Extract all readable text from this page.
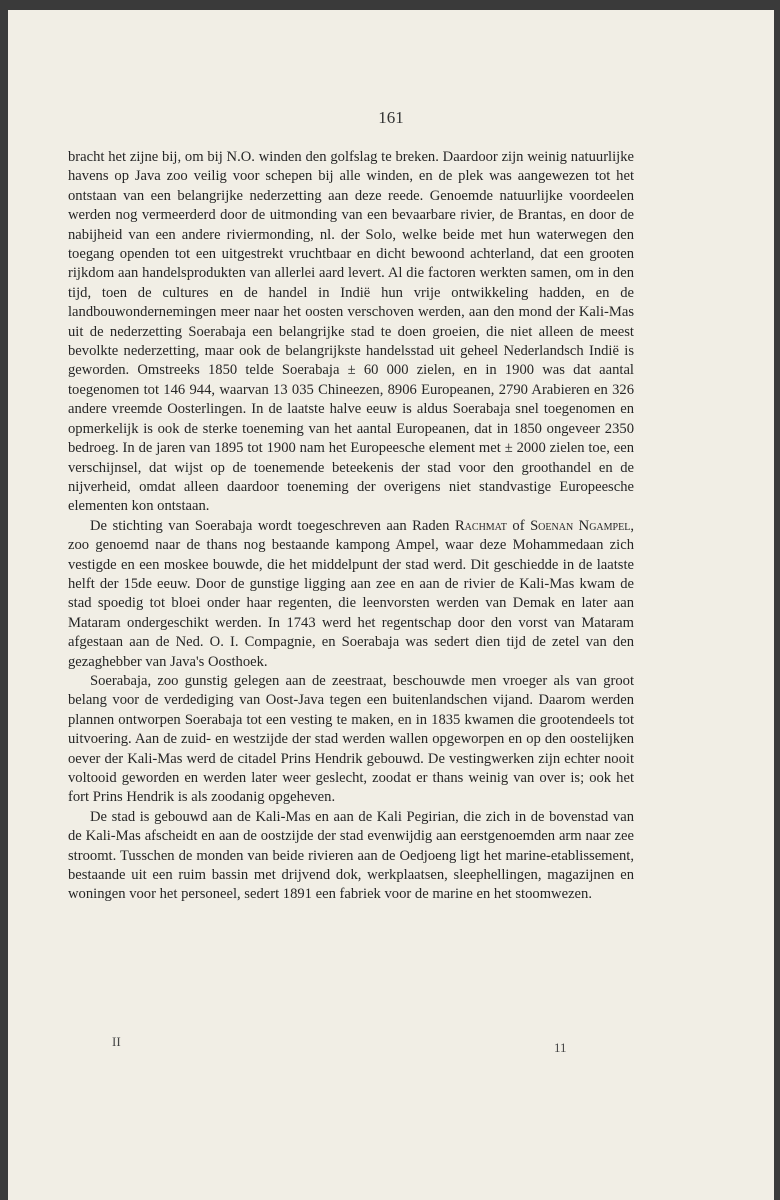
161

bracht het zijne bij, om bij N.O. winden den golfslag te breken. Daardoor zijn weinig natuurlijke havens op Java zoo veilig voor schepen bij alle winden, en de plek was aangewezen tot het ontstaan van een belangrijke nederzetting aan deze reede. Genoemde natuurlijke voordeelen werden nog vermeerderd door de uitmonding van een bevaarbare rivier, de Brantas, en door de nabijheid van een andere riviermonding, nl. der Solo, welke beide met hun waterwegen den toegang openden tot een uitgestrekt vruchtbaar en dicht bewoond achterland, dat een grooten rijkdom aan handelsprodukten van allerlei aard levert. Al die factoren werkten samen, om in den tijd, toen de cultures en de handel in Indië hun vrije ontwikkeling hadden, en de landbouwondernemingen meer naar het oosten verschoven werden, aan den mond der Kali-Mas uit de nederzetting Soerabaja een belangrijke stad te doen groeien, die niet alleen de meest bevolkte nederzetting, maar ook de belangrijkste handelsstad uit geheel Nederlandsch Indië is geworden. Omstreeks 1850 telde Soerabaja ± 60 000 zielen, en in 1900 was dat aantal toegenomen tot 146 944, waarvan 13 035 Chineezen, 8906 Europeanen, 2790 Arabieren en 326 andere vreemde Oosterlingen. In de laatste halve eeuw is aldus Soerabaja snel toegenomen en opmerkelijk is ook de sterke toeneming van het aantal Europeanen, dat in 1850 ongeveer 2350 bedroeg. In de jaren van 1895 tot 1900 nam het Europeesche element met ± 2000 zielen toe, een verschijnsel, dat wijst op de toenemende beteekenis der stad voor den groothandel en de nijverheid, omdat alleen daardoor toeneming der overigens niet standvastige Europeesche elementen kon ontstaan.

De stichting van Soerabaja wordt toegeschreven aan Raden Rachmat of Soenan Ngampel, zoo genoemd naar de thans nog bestaande kampong Ampel, waar deze Mohammedaan zich vestigde en een moskee bouwde, die het middelpunt der stad werd. Dit geschiedde in de laatste helft der 15de eeuw. Door de gunstige ligging aan zee en aan de rivier de Kali-Mas kwam de stad spoedig tot bloei onder haar regenten, die leenvorsten werden van Demak en later aan Mataram ondergeschikt werden. In 1743 werd het regentschap door den vorst van Mataram afgestaan aan de Ned. O. I. Compagnie, en Soerabaja was sedert dien tijd de zetel van den gezaghebber van Java's Oosthoek.

Soerabaja, zoo gunstig gelegen aan de zeestraat, beschouwde men vroeger als van groot belang voor de verdediging van Oost-Java tegen een buitenlandschen vijand. Daarom werden plannen ontworpen Soerabaja tot een vesting te maken, en in 1835 kwamen die grootendeels tot uitvoering. Aan de zuid- en westzijde der stad werden wallen opgeworpen en op den oostelijken oever der Kali-Mas werd de citadel Prins Hendrik gebouwd. De vestingwerken zijn echter nooit voltooid geworden en werden later weer geslecht, zoodat er thans weinig van over is; ook het fort Prins Hendrik is als zoodanig opgeheven.

De stad is gebouwd aan de Kali-Mas en aan de Kali Pegirian, die zich in de bovenstad van de Kali-Mas afscheidt en aan de oostzijde der stad evenwijdig aan eerstgenoemden arm naar zee stroomt. Tusschen de monden van beide rivieren aan de Oedjoeng ligt het marine-etablissement, bestaande uit een ruim bassin met drijvend dok, werkplaatsen, sleephellingen, magazijnen en woningen voor het personeel, sedert 1891 een fabriek voor de marine en het stoomwezen.

II	11
